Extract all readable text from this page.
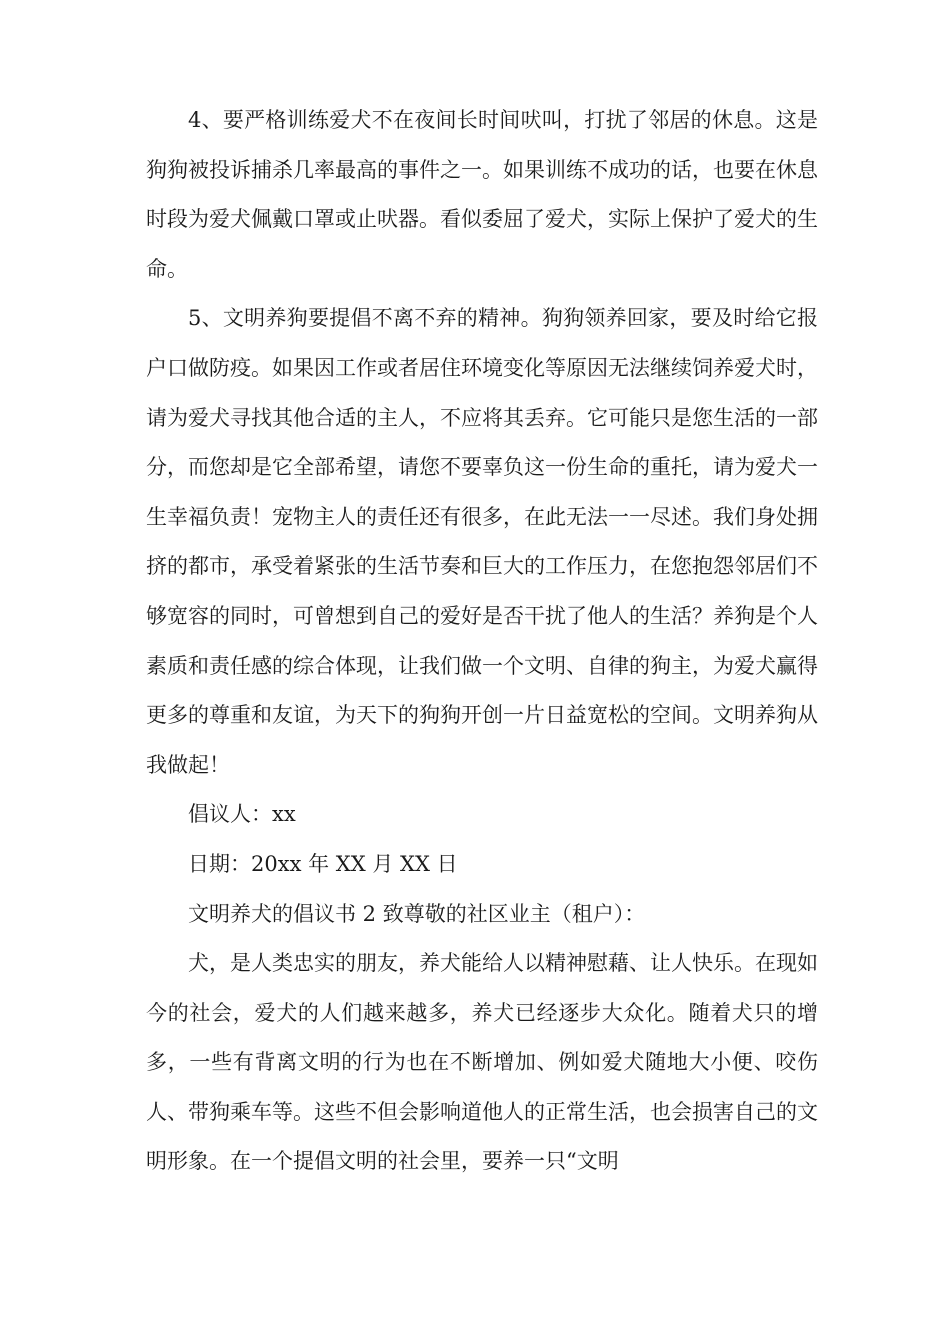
4、要严格训练爱犬不在夜间长时间吠叫，打扰了邻居的休息。这是狗狗被投诉捕杀几率最高的事件之一。如果训练不成功的话，也要在休息时段为爱犬佩戴口罩或止吠器。看似委屈了爱犬，实际上保护了爱犬的生命。

5、文明养狗要提倡不离不弃的精神。狗狗领养回家，要及时给它报户口做防疫。如果因工作或者居住环境变化等原因无法继续饲养爱犬时，请为爱犬寻找其他合适的主人，不应将其丢弃。它可能只是您生活的一部分，而您却是它全部希望，请您不要辜负这一份生命的重托，请为爱犬一生幸福负责！宠物主人的责任还有很多，在此无法一一尽述。我们身处拥挤的都市，承受着紧张的生活节奏和巨大的工作压力，在您抱怨邻居们不够宽容的同时，可曾想到自己的爱好是否干扰了他人的生活？养狗是个人素质和责任感的综合体现，让我们做一个文明、自律的狗主，为爱犬赢得更多的尊重和友谊，为天下的狗狗开创一片日益宽松的空间。文明养狗从我做起！

倡议人：xx

日期：20xx 年 XX 月 XX 日

文明养犬的倡议书 2 致尊敬的社区业主（租户）：

犬，是人类忠实的朋友，养犬能给人以精神慰藉、让人快乐。在现如今的社会，爱犬的人们越来越多，养犬已经逐步大众化。随着犬只的增多，一些有背离文明的行为也在不断增加、例如爱犬随地大小便、咬伤人、带狗乘车等。这些不但会影响道他人的正常生活，也会损害自己的文明形象。在一个提倡文明的社会里，要养一只“文明
